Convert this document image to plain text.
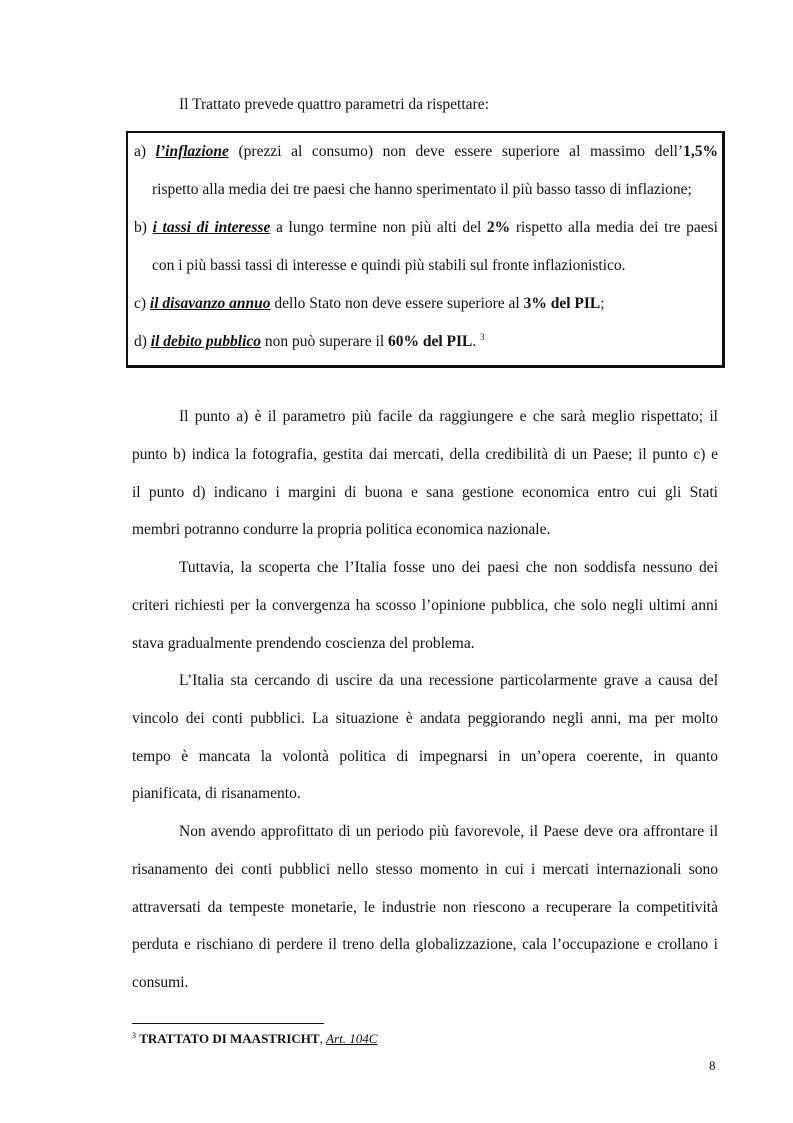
Il Trattato prevede quattro parametri da rispettare:
a) l’inflazione (prezzi al consumo) non deve essere superiore al massimo dell’1,5%
rispetto alla media dei tre paesi che hanno sperimentato il più basso tasso di inflazione;
b) i tassi di interesse a lungo termine non più alti del 2% rispetto alla media dei tre paesi
con i più bassi tassi di interesse e quindi più stabili sul fronte inflazionistico.
c) il disavanzo annuo dello Stato non deve essere superiore al 3% del PIL;
d) il debito pubblico non può superare il 60% del PIL. $^3$
Il punto a) è il parametro più facile da raggiungere e che sarà meglio rispettato; il
punto b) indica la fotografia, gestita dai mercati, della credibilità di un Paese; il punto c) e
il punto d) indicano i margini di buona e sana gestione economica entro cui gli Stati
membri potranno condurre la propria politica economica nazionale.
Tuttavia, la scoperta che l’Italia fosse uno dei paesi che non soddisfa nessuno dei
criteri richiesti per la convergenza ha scosso l’opinione pubblica, che solo negli ultimi anni
stava gradualmente prendendo coscienza del problema.
L’Italia sta cercando di uscire da una recessione particolarmente grave a causa del
vincolo dei conti pubblici. La situazione è andata peggiorando negli anni, ma per molto
tempo è mancata la volontà politica di impegnarsi in un’opera coerente, in quanto
pianificata, di risanamento.
Non avendo approfittato di un periodo più favorevole, il Paese deve ora affrontare il
risanamento dei conti pubblici nello stesso momento in cui i mercati internazionali sono
attraversati da tempeste monetarie, le industrie non riescono a recuperare la competitività
perduta e rischiano di perdere il treno della globalizzazione, cala l’occupazione e crollano i
consumi.
$^3$ TRATTATO DI MAASTRICHT, Art. 104C
8
